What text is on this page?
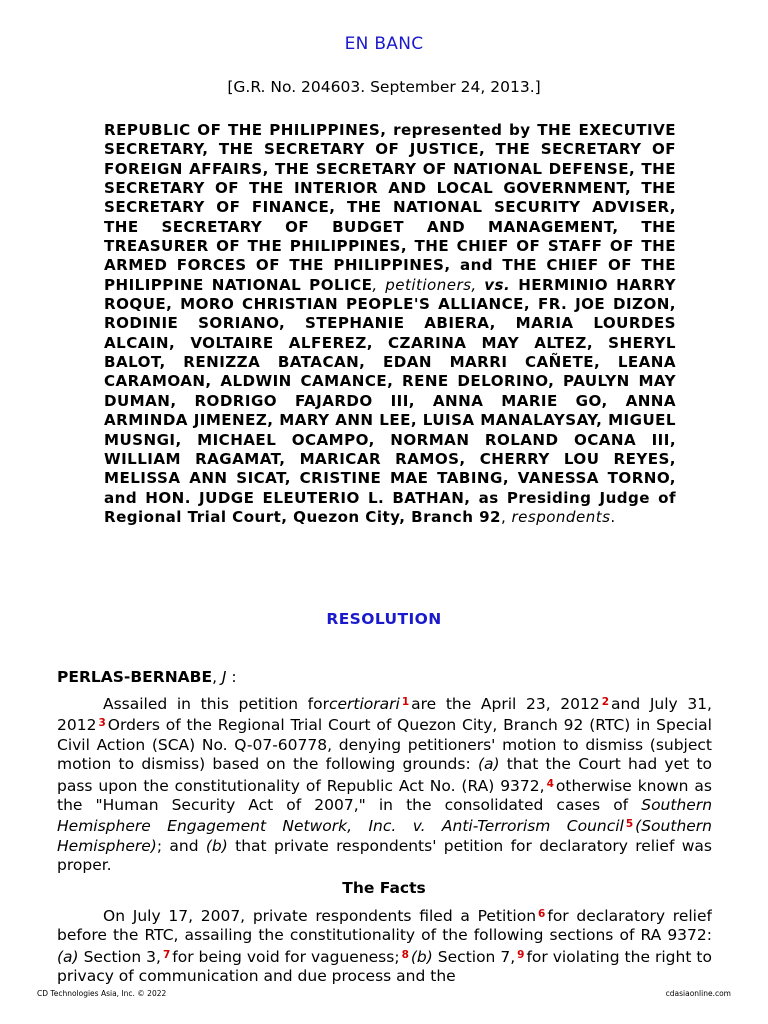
EN BANC
[G.R. No. 204603. September 24, 2013.]
REPUBLIC OF THE PHILIPPINES, represented by THE EXECUTIVE SECRETARY, THE SECRETARY OF JUSTICE, THE SECRETARY OF FOREIGN AFFAIRS, THE SECRETARY OF NATIONAL DEFENSE, THE SECRETARY OF THE INTERIOR AND LOCAL GOVERNMENT, THE SECRETARY OF FINANCE, THE NATIONAL SECURITY ADVISER, THE SECRETARY OF BUDGET AND MANAGEMENT, THE TREASURER OF THE PHILIPPINES, THE CHIEF OF STAFF OF THE ARMED FORCES OF THE PHILIPPINES, and THE CHIEF OF THE PHILIPPINE NATIONAL POLICE, petitioners, vs. HERMINIO HARRY ROQUE, MORO CHRISTIAN PEOPLE'S ALLIANCE, FR. JOE DIZON, RODINIE SORIANO, STEPHANIE ABIERA, MARIA LOURDES ALCAIN, VOLTAIRE ALFEREZ, CZARINA MAY ALTEZ, SHERYL BALOT, RENIZZA BATACAN, EDAN MARRI CAÑETE, LEANA CARAMOAN, ALDWIN CAMANCE, RENE DELORINO, PAULYN MAY DUMAN, RODRIGO FAJARDO III, ANNA MARIE GO, ANNA ARMINDA JIMENEZ, MARY ANN LEE, LUISA MANALAYSAY, MIGUEL MUSNGI, MICHAEL OCAMPO, NORMAN ROLAND OCANA III, WILLIAM RAGAMAT, MARICAR RAMOS, CHERRY LOU REYES, MELISSA ANN SICAT, CRISTINE MAE TABING, VANESSA TORNO, and HON. JUDGE ELEUTERIO L. BATHAN, as Presiding Judge of Regional Trial Court, Quezon City, Branch 92, respondents.
RESOLUTION
PERLAS-BERNABE, J :
Assailed in this petition forcertiorari $^1$ are the April 23, 2012 $^2$ and July 31, 2012 $^3$ Orders of the Regional Trial Court of Quezon City, Branch 92 (RTC) in Special Civil Action (SCA) No. Q-07-60778, denying petitioners' motion to dismiss (subject motion to dismiss) based on the following grounds: (a) that the Court had yet to pass upon the constitutionality of Republic Act No. (RA) 9372, $^4$ otherwise known as the "Human Security Act of 2007," in the consolidated cases of Southern Hemisphere Engagement Network, Inc. v. Anti-Terrorism Council $^5$ (Southern Hemisphere); and (b) that private respondents' petition for declaratory relief was proper.
The Facts
On July 17, 2007, private respondents filed a Petition $^6$ for declaratory relief before the RTC, assailing the constitutionality of the following sections of RA 9372: (a) Section 3, $^7$ for being void for vagueness; $^8$ (b) Section 7, $^9$ for violating the right to privacy of communication and due process and the
CD Technologies Asia, Inc. © 2022	cdasiaonline.com
